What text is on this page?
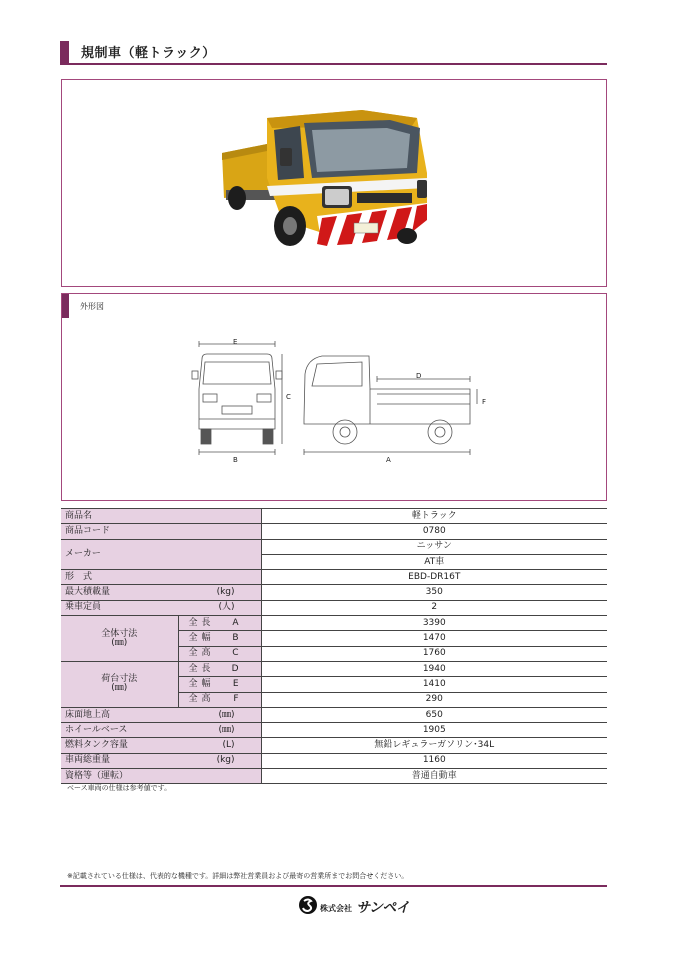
規制車（軽トラック）
外形図
E
C
B
D
F
A
商品名		軽トラック
商品コード		0780
メーカー		ニッサン
		AT車
形　式		EBD-DR16T
最大積載量 (kg)		350
乗車定員 (人)		2
全体寸法
(㎜)	全長 A	3390
	全幅 B	1470
	全高 C	1760
荷台寸法
(㎜)	全長 D	1940
	全幅 E	1410
	全高 F	290
床面地上高 (㎜)		650
ホイールベース (㎜)		1905
燃料タンク容量 (L)		無鉛レギュラーガソリン･34L
車両総重量 (kg)		1160
資格等（運転）		普通自動車
ベース車両の仕様は参考値です。
※記載されている仕様は、代表的な機種です。詳細は弊社営業員および最寄の営業所までお問合せください。
株式会社 サンペイ
